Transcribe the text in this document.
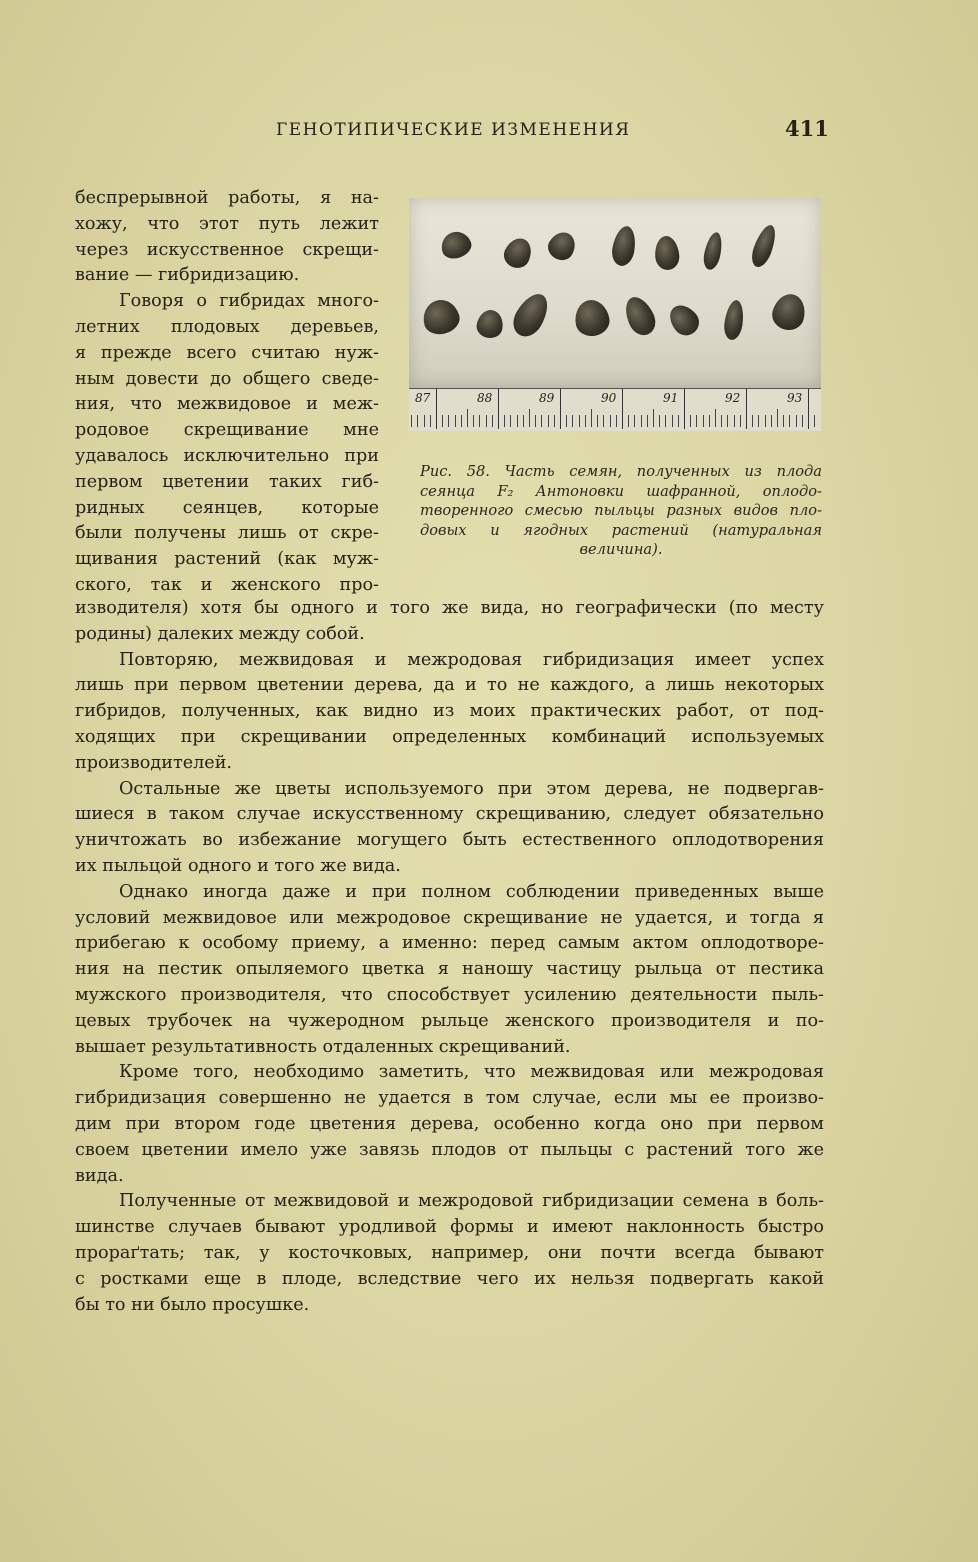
ГЕНОТИПИЧЕСКИЕ ИЗМЕНЕНИЯ	411
беспрерывной работы, я на-
хожу, что этот путь лежит
через искусственное скрещи-
вание — гибридизацию.
Говоря о гибридах много-
летних плодовых деревьев,
я прежде всего считаю нуж-
ным довести до общего сведе-
ния, что межвидовое и меж-
родовое скрещивание мне
удавалось исключительно при
первом цветении таких гиб-
ридных сеянцев, которые
были получены лишь от скре-
щивания растений (как муж-
ского, так и женского про-
87	88	89	90	91	92	93
Рис. 58. Часть семян, полученных из плода
сеянца F₂ Антоновки шафранной, оплодо-
творенного смесью пыльцы разных видов пло-
довых и ягодных растений (натуральная
величина).
изводителя) хотя бы одного и того же вида, но географически (по месту
родины) далеких между собой.
Повторяю, межвидовая и межродовая гибридизация имеет успех
лишь при первом цветении дерева, да и то не каждого, а лишь некоторых
гибридов, полученных, как видно из моих практических работ, от под-
ходящих при скрещивании определенных комбинаций используемых
производителей.
Остальные же цветы используемого при этом дерева, не подвергав-
шиеся в таком случае искусственному скрещиванию, следует обязательно
уничтожать во избежание могущего быть естественного оплодотворения
их пыльцой одного и того же вида.
Однако иногда даже и при полном соблюдении приведенных выше
условий межвидовое или межродовое скрещивание не удается, и тогда я
прибегаю к особому приему, а именно: перед самым актом оплодотворе-
ния на пестик опыляемого цветка я наношу частицу рыльца от пестика
мужского производителя, что способствует усилению деятельности пыль-
цевых трубочек на чужеродном рыльце женского производителя и по-
вышает результативность отдаленных скрещиваний.
Кроме того, необходимо заметить, что межвидовая или межродовая
гибридизация совершенно не удается в том случае, если мы ее произво-
дим при втором годе цветения дерева, особенно когда оно при первом
своем цветении имело уже завязь плодов от пыльцы с растений того же
вида.
Полученные от межвидовой и межродовой гибридизации семена в боль-
шинстве случаев бывают уродливой формы и имеют наклонность быстро
прораґтать; так, у косточковых, например, они почти всегда бывают
с ростками еще в плоде, вследствие чего их нельзя подвергать какой
бы то ни было просушке.
